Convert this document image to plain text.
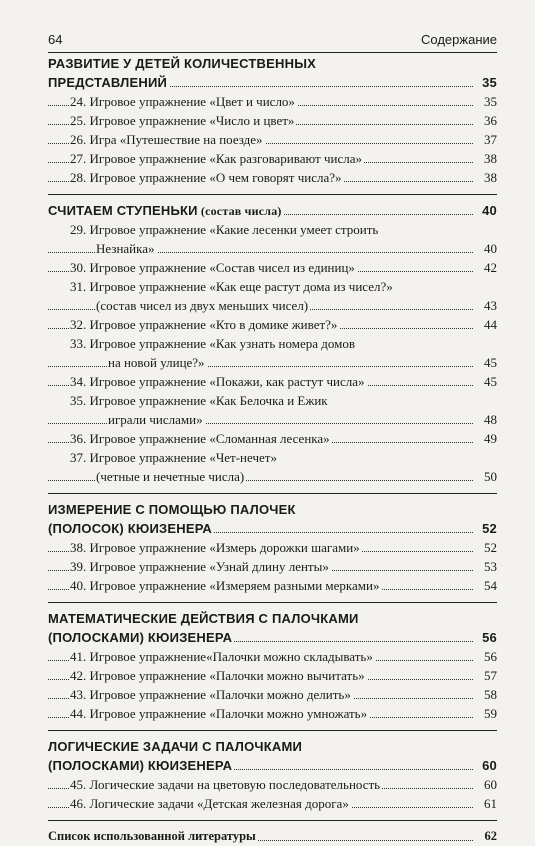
64	Содержание
РАЗВИТИЕ У ДЕТЕЙ КОЛИЧЕСТВЕННЫХ
ПРЕДСТАВЛЕНИЙ	35
24. Игровое упражнение «Цвет и число»	35
25. Игровое упражнение «Число и цвет»	36
26. Игра «Путешествие на поезде»	37
27. Игровое упражнение «Как разговаривают числа»	38
28. Игровое упражнение «О чем говорят числа?»	38
СЧИТАЕМ СТУПЕНЬКИ (состав числа)	40
29. Игровое упражнение «Какие лесенки умеет строить
Незнайка»	40
30. Игровое упражнение «Состав чисел из единиц»	42
31. Игровое упражнение «Как еще растут дома из чисел?»
(состав чисел из двух меньших чисел)	43
32. Игровое упражнение «Кто в домике живет?»	44
33. Игровое упражнение «Как узнать номера домов
на новой улице?»	45
34. Игровое упражнение «Покажи, как растут числа»	45
35. Игровое упражнение «Как Белочка и Ежик
играли числами»	48
36. Игровое упражнение «Сломанная лесенка»	49
37. Игровое упражнение «Чет-нечет»
(четные и нечетные числа)	50
ИЗМЕРЕНИЕ С ПОМОЩЬЮ ПАЛОЧЕК
(ПОЛОСОК) КЮИЗЕНЕРА	52
38. Игровое упражнение «Измерь дорожки шагами»	52
39. Игровое упражнение «Узнай длину ленты»	53
40. Игровое упражнение «Измеряем разными мерками»	54
МАТЕМАТИЧЕСКИЕ ДЕЙСТВИЯ С ПАЛОЧКАМИ
(ПОЛОСКАМИ) КЮИЗЕНЕРА	56
41. Игровое упражнение«Палочки можно складывать»	56
42. Игровое упражнение «Палочки можно вычитать»	57
43. Игровое упражнение «Палочки можно делить»	58
44. Игровое упражнение «Палочки можно умножать»	59
ЛОГИЧЕСКИЕ ЗАДАЧИ С ПАЛОЧКАМИ
(ПОЛОСКАМИ) КЮИЗЕНЕРА	60
45. Логические задачи на цветовую последовательность	60
46. Логические задачи «Детская железная дорога»	61
Список использованной литературы	62
